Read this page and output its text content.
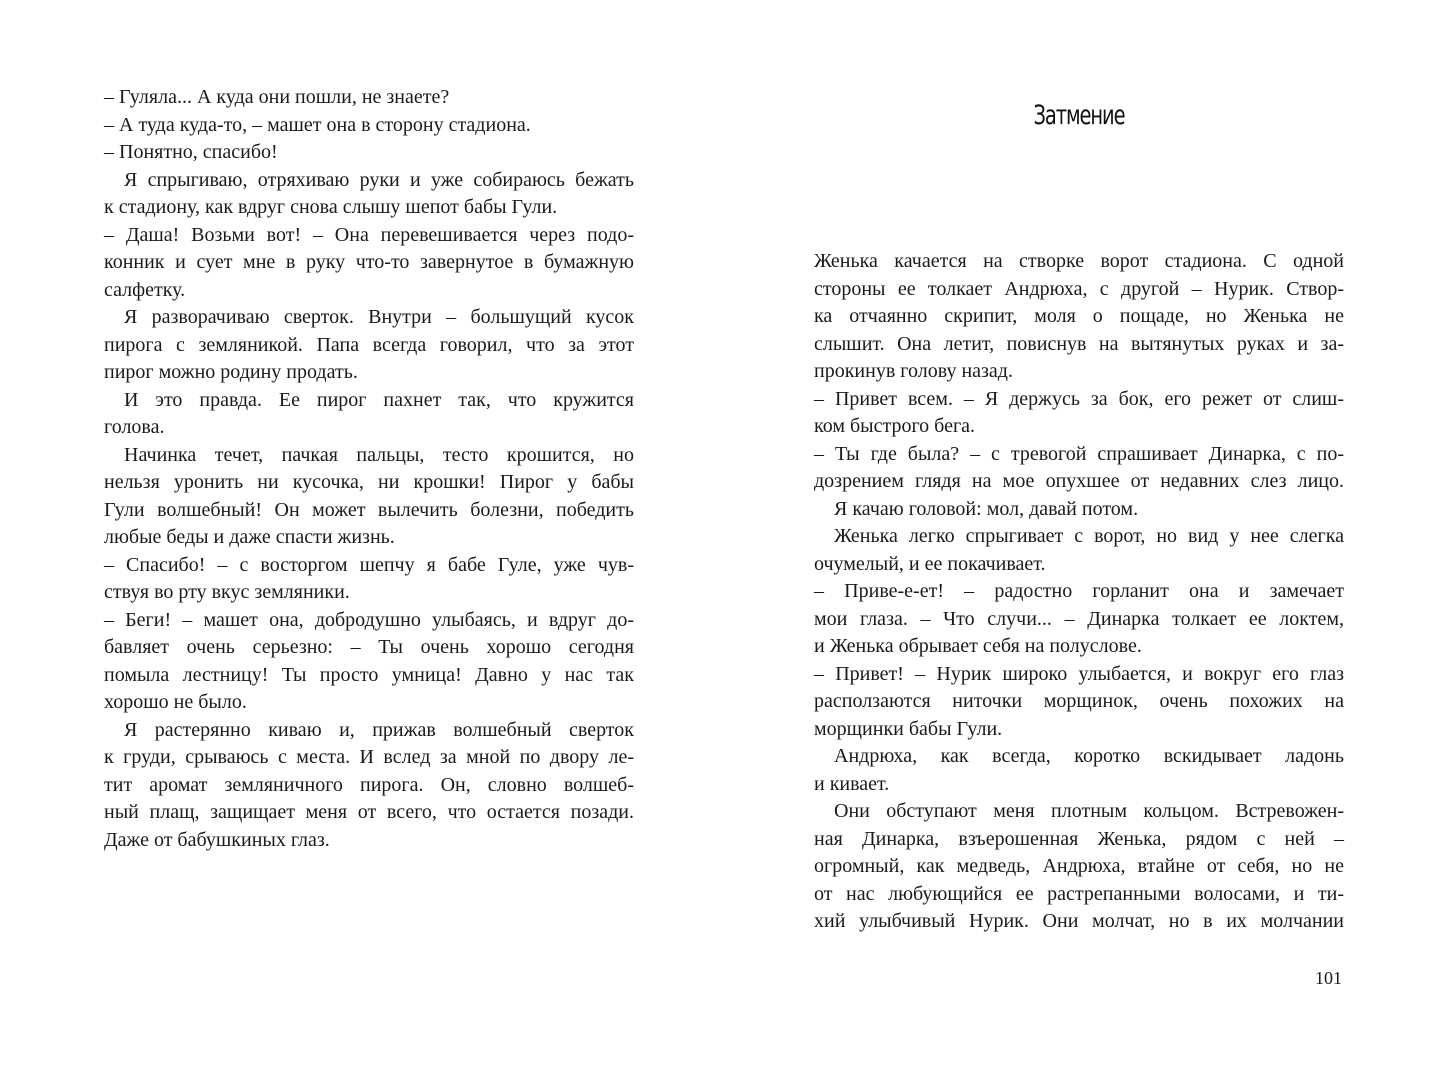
– Гуляла... А куда они пошли, не знаете?
– А туда куда-то, – машет она в сторону стадиона.
– Понятно, спасибо!
Я спрыгиваю, отряхиваю руки и уже собираюсь бежать
к стадиону, как вдруг снова слышу шепот бабы Гули.
– Даша! Возьми вот! – Она перевешивается через подо-
конник и сует мне в руку что-то завернутое в бумажную
салфетку.
Я разворачиваю сверток. Внутри – большущий кусок
пирога с земляникой. Папа всегда говорил, что за этот
пирог можно родину продать.
И это правда. Ее пирог пахнет так, что кружится
голова.
Начинка течет, пачкая пальцы, тесто крошится, но
нельзя уронить ни кусочка, ни крошки! Пирог у бабы
Гули волшебный! Он может вылечить болезни, победить
любые беды и даже спасти жизнь.
– Спасибо! – с восторгом шепчу я бабе Гуле, уже чув-
ствуя во рту вкус земляники.
– Беги! – машет она, добродушно улыбаясь, и вдруг до-
бавляет очень серьезно: – Ты очень хорошо сегодня
помыла лестницу! Ты просто умница! Давно у нас так
хорошо не было.
Я растерянно киваю и, прижав волшебный сверток
к груди, срываюсь с места. И вслед за мной по двору ле-
тит аромат земляничного пирога. Он, словно волшеб-
ный плащ, защищает меня от всего, что остается позади.
Даже от бабушкиных глаз.
Затмение
Женька качается на створке ворот стадиона. С одной
стороны ее толкает Андрюха, с другой – Нурик. Створ-
ка отчаянно скрипит, моля о пощаде, но Женька не
слышит. Она летит, повиснув на вытянутых руках и за-
прокинув голову назад.
– Привет всем. – Я держусь за бок, его режет от слиш-
ком быстрого бега.
– Ты где была? – с тревогой спрашивает Динарка, с по-
дозрением глядя на мое опухшее от недавних слез лицо.
Я качаю головой: мол, давай потом.
Женька легко спрыгивает с ворот, но вид у нее слегка
очумелый, и ее покачивает.
– Приве-е-ет! – радостно горланит она и замечает
мои глаза. – Что случи... – Динарка толкает ее локтем,
и Женька обрывает себя на полуслове.
– Привет! – Нурик широко улыбается, и вокруг его глаз
расползаются ниточки морщинок, очень похожих на
морщинки бабы Гули.
Андрюха, как всегда, коротко вскидывает ладонь
и кивает.
Они обступают меня плотным кольцом. Встревожен-
ная Динарка, взъерошенная Женька, рядом с ней –
огромный, как медведь, Андрюха, втайне от себя, но не
от нас любующийся ее растрепанными волосами, и ти-
хий улыбчивый Нурик. Они молчат, но в их молчании
101
